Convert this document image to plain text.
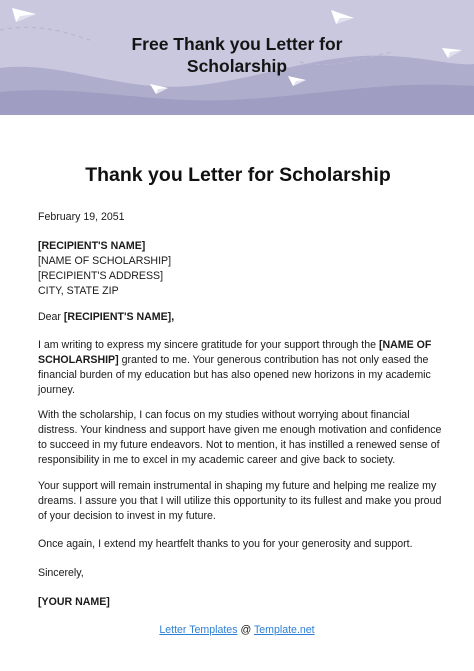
Free Thank you Letter for
Scholarship
Thank you Letter for Scholarship

February 19, 2051

[RECIPIENT'S NAME]
[NAME OF SCHOLARSHIP]
[RECIPIENT'S ADDRESS]
CITY, STATE ZIP

Dear [RECIPIENT'S NAME],

I am writing to express my sincere gratitude for your support through the [NAME OF
SCHOLARSHIP] granted to me. Your generous contribution has not only eased the
financial burden of my education but has also opened new horizons in my academic
journey.

With the scholarship, I can focus on my studies without worrying about financial
distress. Your kindness and support have given me enough motivation and confidence
to succeed in my future endeavors. Not to mention, it has instilled a renewed sense of
responsibility in me to excel in my academic career and give back to society.

Your support will remain instrumental in shaping my future and helping me realize my
dreams. I assure you that I will utilize this opportunity to its fullest and make you proud
of your decision to invest in my future.

Once again, I extend my heartfelt thanks to you for your generosity and support.

Sincerely,

[YOUR NAME]

Letter Templates @ Template.net
